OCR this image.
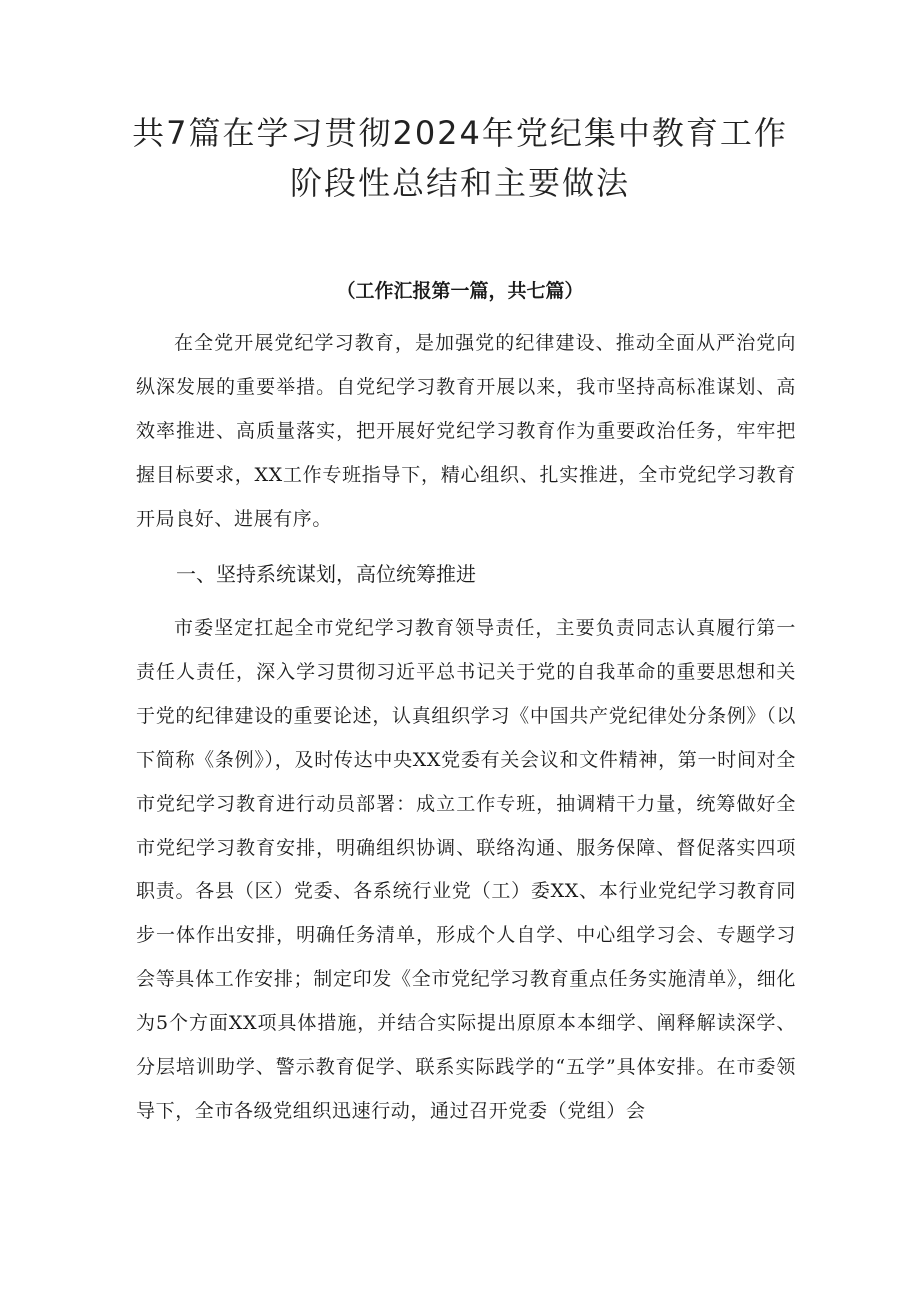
共7篇在学习贯彻2024年党纪集中教育工作阶段性总结和主要做法

（工作汇报第一篇，共七篇）

在全党开展党纪学习教育，是加强党的纪律建设、推动全面从严治党向纵深发展的重要举措。自党纪学习教育开展以来，我市坚持高标准谋划、高效率推进、高质量落实，把开展好党纪学习教育作为重要政治任务，牢牢把握目标要求，XX工作专班指导下，精心组织、扎实推进，全市党纪学习教育开局良好、进展有序。

一、坚持系统谋划，高位统筹推进

市委坚定扛起全市党纪学习教育领导责任，主要负责同志认真履行第一责任人责任，深入学习贯彻习近平总书记关于党的自我革命的重要思想和关于党的纪律建设的重要论述，认真组织学习《中国共产党纪律处分条例》（以下简称《条例》），及时传达中央XX党委有关会议和文件精神，第一时间对全市党纪学习教育进行动员部署：成立工作专班，抽调精干力量，统筹做好全市党纪学习教育安排，明确组织协调、联络沟通、服务保障、督促落实四项职责。各县（区）党委、各系统行业党（工）委XX、本行业党纪学习教育同步一体作出安排，明确任务清单，形成个人自学、中心组学习会、专题学习会等具体工作安排；制定印发《全市党纪学习教育重点任务实施清单》，细化为5个方面XX项具体措施，并结合实际提出原原本本细学、阐释解读深学、分层培训助学、警示教育促学、联系实际践学的“五学”具体安排。在市委领导下，全市各级党组织迅速行动，通过召开党委（党组）会
